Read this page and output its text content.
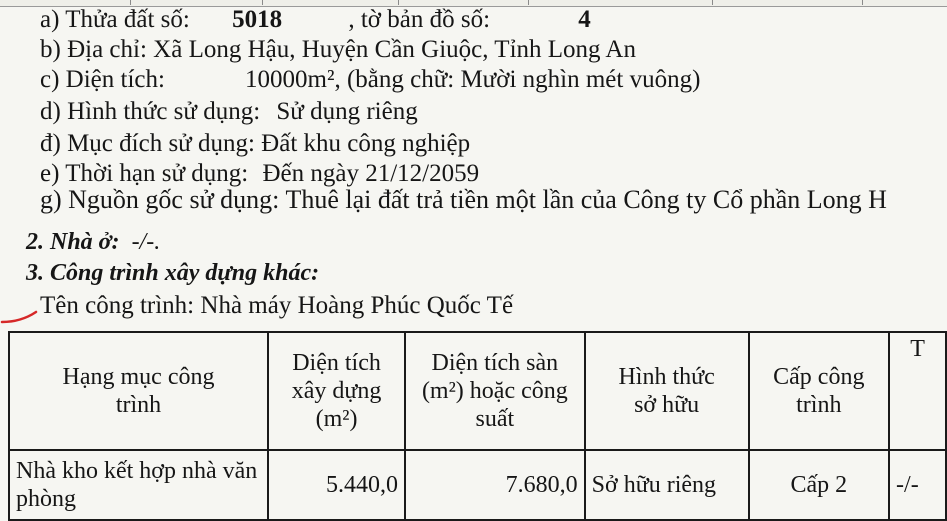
a) Thửa đất số: 5018	, tờ bản đồ số:	4
b) Địa chỉ: Xã Long Hậu, Huyện Cần Giuộc, Tỉnh Long An
c) Diện tích:	10000m², (bằng chữ: Mười nghìn mét vuông)
d) Hình thức sử dụng: Sử dụng riêng
đ) Mục đích sử dụng: Đất khu công nghiệp
e) Thời hạn sử dụng: Đến ngày 21/12/2059
g) Nguồn gốc sử dụng: Thuê lại đất trả tiền một lần của Công ty Cổ phần Long H
2. Nhà ở: -/-.
3. Công trình xây dựng khác:
Tên công trình: Nhà máy Hoàng Phúc Quốc Tế
Hạng mục công trình	Diện tích xây dựng (m²)	Diện tích sàn (m²) hoặc công suất	Hình thức sở hữu	Cấp công trình	T

Nhà kho kết hợp nhà văn phòng	5.440,0	7.680,0	Sở hữu riêng	Cấp 2	-/-
